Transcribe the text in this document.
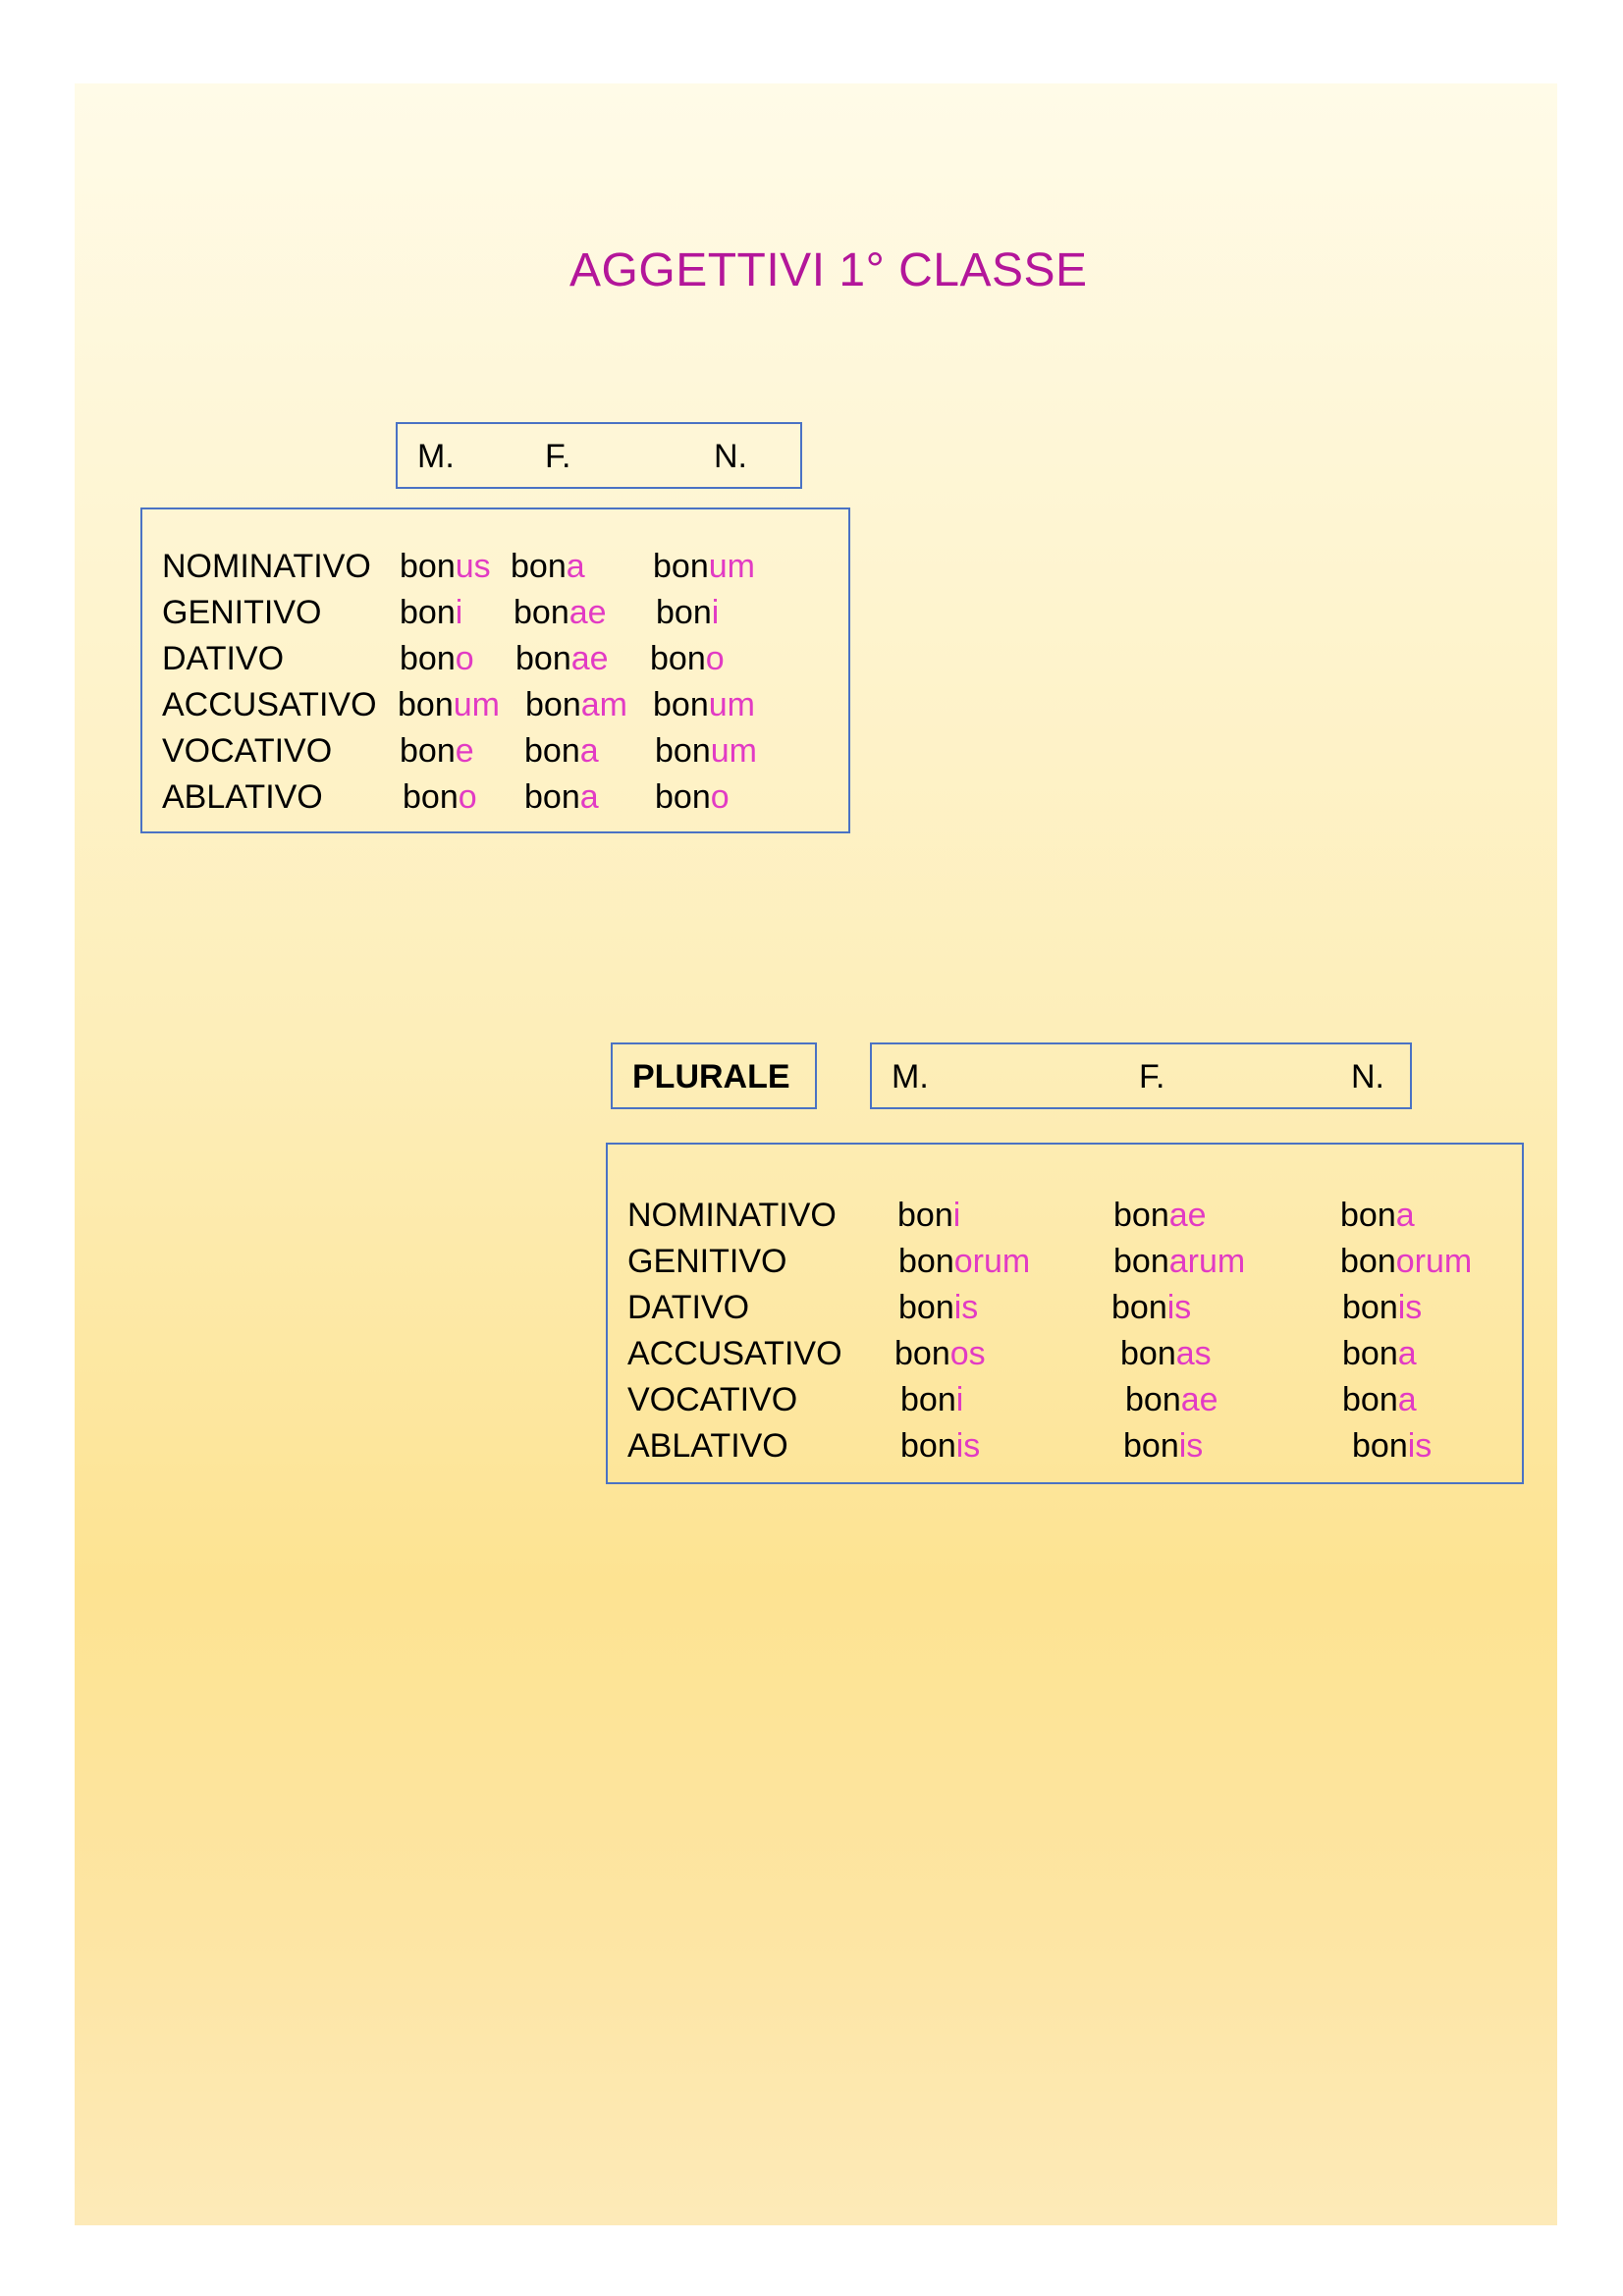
AGGETTIVI 1° CLASSE
M.	F.	N.
NOMINATIVO bonus bona bonum
GENITIVO boni bonae boni
DATIVO	bono bonae bono
ACCUSATIVO bonum bonam bonum
VOCATIVO bone bona bonum
ABLATIVO bono bona bono
PLURALE	M.	F.	N.
NOMINATIVO boni	bonae	bona
GENITIVO	bonorum bonarum	bonorum
DATIVO	bonis	bonis	bonis
ACCUSATIVO bonos	bonas	bona
VOCATIVO	boni	bonae	bona
ABLATIVO	bonis	bonis	bonis
